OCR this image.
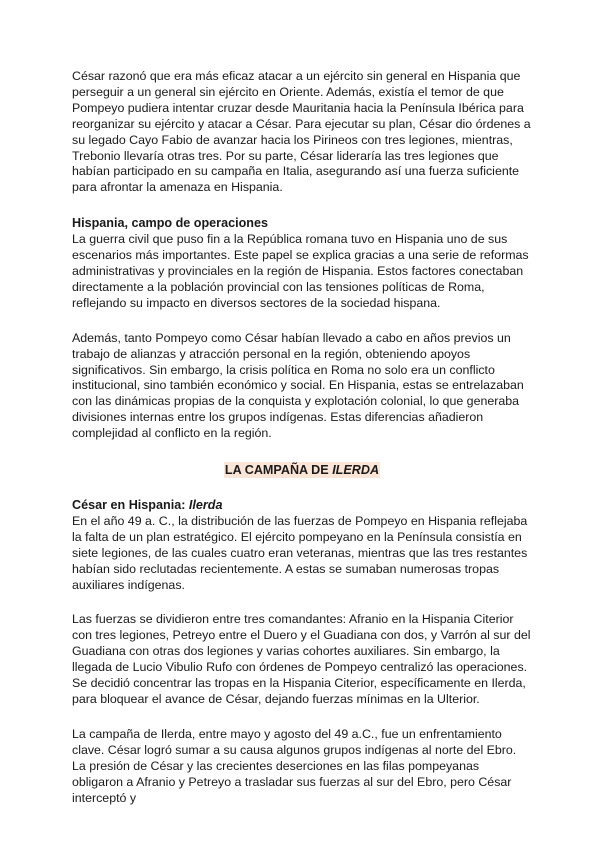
César razonó que era más eficaz atacar a un ejército sin general en Hispania que perseguir a un general sin ejército en Oriente. Además, existía el temor de que Pompeyo pudiera intentar cruzar desde Mauritania hacia la Península Ibérica para reorganizar su ejército y atacar a César. Para ejecutar su plan, César dio órdenes a su legado Cayo Fabio de avanzar hacia los Pirineos con tres legiones, mientras, Trebonio llevaría otras tres. Por su parte, César lideraría las tres legiones que habían participado en su campaña en Italia, asegurando así una fuerza suficiente para afrontar la amenaza en Hispania.

Hispania, campo de operaciones

La guerra civil que puso fin a la República romana tuvo en Hispania uno de sus escenarios más importantes. Este papel se explica gracias a una serie de reformas administrativas y provinciales en la región de Hispania. Estos factores conectaban directamente a la población provincial con las tensiones políticas de Roma, reflejando su impacto en diversos sectores de la sociedad hispana.

Además, tanto Pompeyo como César habían llevado a cabo en años previos un trabajo de alianzas y atracción personal en la región, obteniendo apoyos significativos. Sin embargo, la crisis política en Roma no solo era un conflicto institucional, sino también económico y social. En Hispania, estas se entrelazaban con las dinámicas propias de la conquista y explotación colonial, lo que generaba divisiones internas entre los grupos indígenas. Estas diferencias añadieron complejidad al conflicto en la región.

LA CAMPAÑA DE ILERDA
César en Hispania: Ilerda

En el año 49 a. C., la distribución de las fuerzas de Pompeyo en Hispania reflejaba la falta de un plan estratégico. El ejército pompeyano en la Península consistía en siete legiones, de las cuales cuatro eran veteranas, mientras que las tres restantes habían sido reclutadas recientemente. A estas se sumaban numerosas tropas auxiliares indígenas.

Las fuerzas se dividieron entre tres comandantes: Afranio en la Hispania Citerior con tres legiones, Petreyo entre el Duero y el Guadiana con dos, y Varrón al sur del Guadiana con otras dos legiones y varias cohortes auxiliares. Sin embargo, la llegada de Lucio Vibulio Rufo con órdenes de Pompeyo centralizó las operaciones. Se decidió concentrar las tropas en la Hispania Citerior, específicamente en Ilerda, para bloquear el avance de César, dejando fuerzas mínimas en la Ulterior.

La campaña de Ilerda, entre mayo y agosto del 49 a.C., fue un enfrentamiento clave. César logró sumar a su causa algunos grupos indígenas al norte del Ebro. La presión de César y las crecientes deserciones en las filas pompeyanas obligaron a Afranio y Petreyo a trasladar sus fuerzas al sur del Ebro, pero César interceptó y
